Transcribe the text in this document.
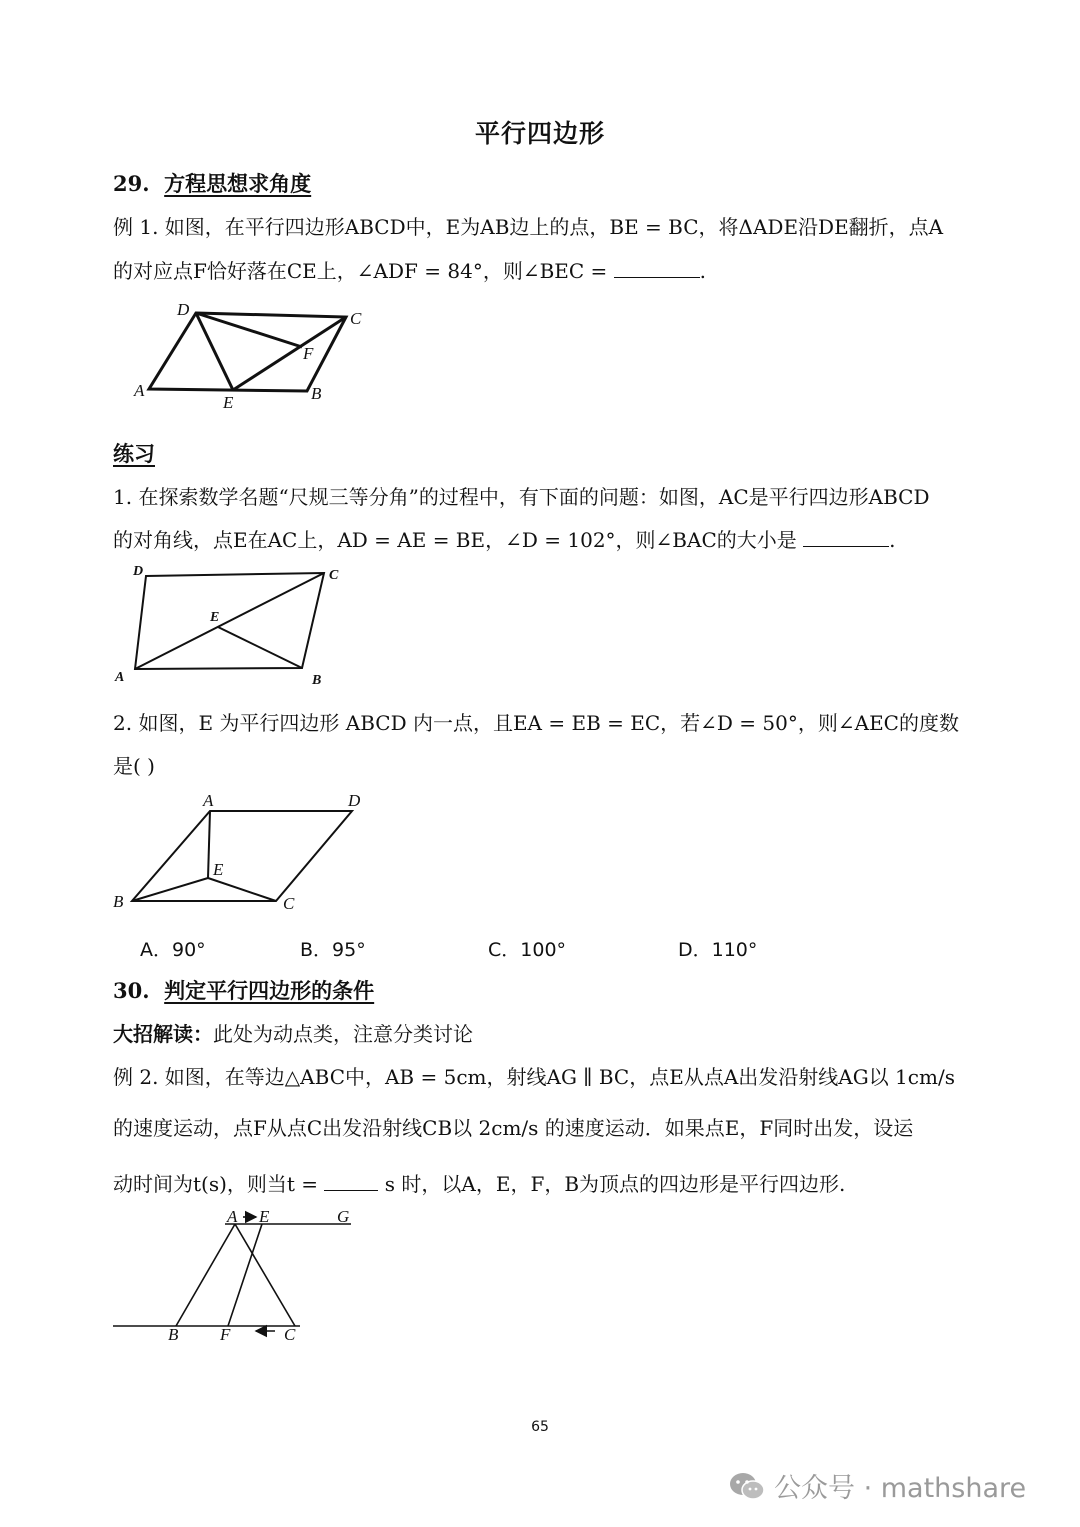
平行四边形
29. 方程思想求角度
例 1. 如图，在平行四边形ABCD中，E为AB边上的点，BE = BC，将ΔADE沿DE翻折，点A
的对应点F恰好落在CE上，∠ADF = 84°，则∠BEC =	.
D	C
F
A
E	B
练习
1. 在探索数学名题“尺规三等分角”的过程中，有下面的问题：如图，AC是平行四边形ABCD
的对角线，点E在AC上，AD = AE = BE，∠D = 102°，则∠BAC的大小是	.
D	C
E
A	B
2. 如图，E 为平行四边形 ABCD 内一点，且EA = EB = EC，若∠D = 50°，则∠AEC的度数
是( )
A	D
E
B	C
A．90°	B．95°	C．100°	D．110°
30. 判定平行四边形的条件
大招解读：此处为动点类，注意分类讨论
例 2. 如图，在等边△ABC中，AB = 5cm，射线AG ∥ BC，点E从点A出发沿射线AG以 1cm/s
的速度运动，点F从点C出发沿射线CB以 2cm/s 的速度运动．如果点E，F同时出发，设运
动时间为t(s)，则当t =	s 时，以A，E，F，B为顶点的四边形是平行四边形.
A E	G
B F	C
65
公众号 · mathshare
